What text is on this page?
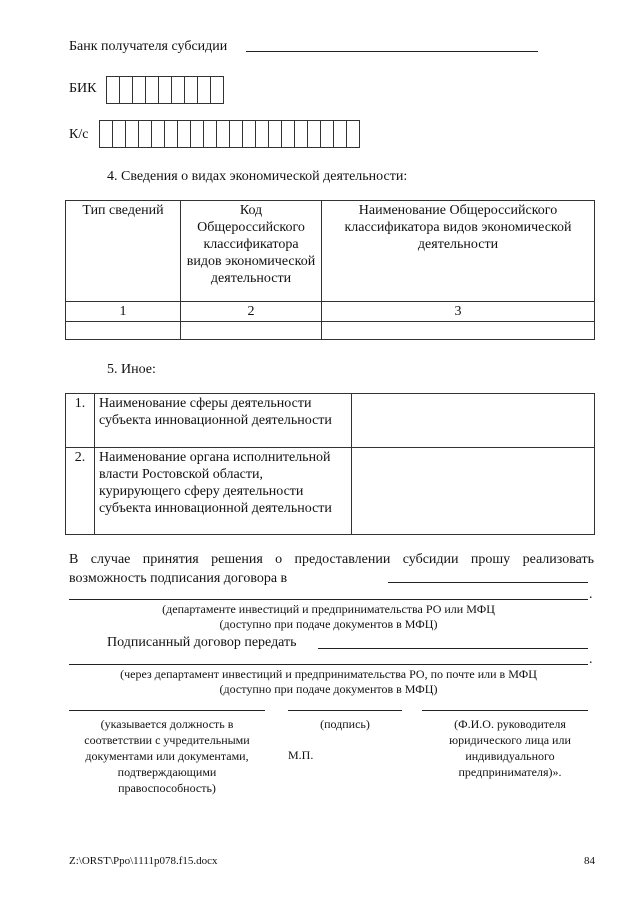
Банк получателя субсидии
БИК
К/с
4. Сведения о видах экономической деятельности:
Тип сведений	Код Общероссийского классификатора видов экономической деятельности	Наименование Общероссийского классификатора видов экономической деятельности
1	2	3

5. Иное:
1.	Наименование сферы деятельности субъекта инновационной деятельности	
2.	Наименование органа исполнительной власти Ростовской области, курирующего сферу деятельности субъекта инновационной деятельности	
В случае принятия решения о предоставлении субсидии прошу реализовать возможность подписания договора в
.
(департаменте инвестиций и предпринимательства РО или МФЦ
(доступно при подаче документов в МФЦ)
Подписанный договор передать
.
(через департамент инвестиций и предпринимательства РО, по почте или в МФЦ
(доступно при подаче документов в МФЦ)
(указывается должность в соответствии с учредительными документами или документами, подтверждающими правоспособность)
(подпись)
М.П.
(Ф.И.О. руководителя юридического лица или индивидуального предпринимателя)».
Z:\ORST\Ppo\1111p078.f15.docx	84
